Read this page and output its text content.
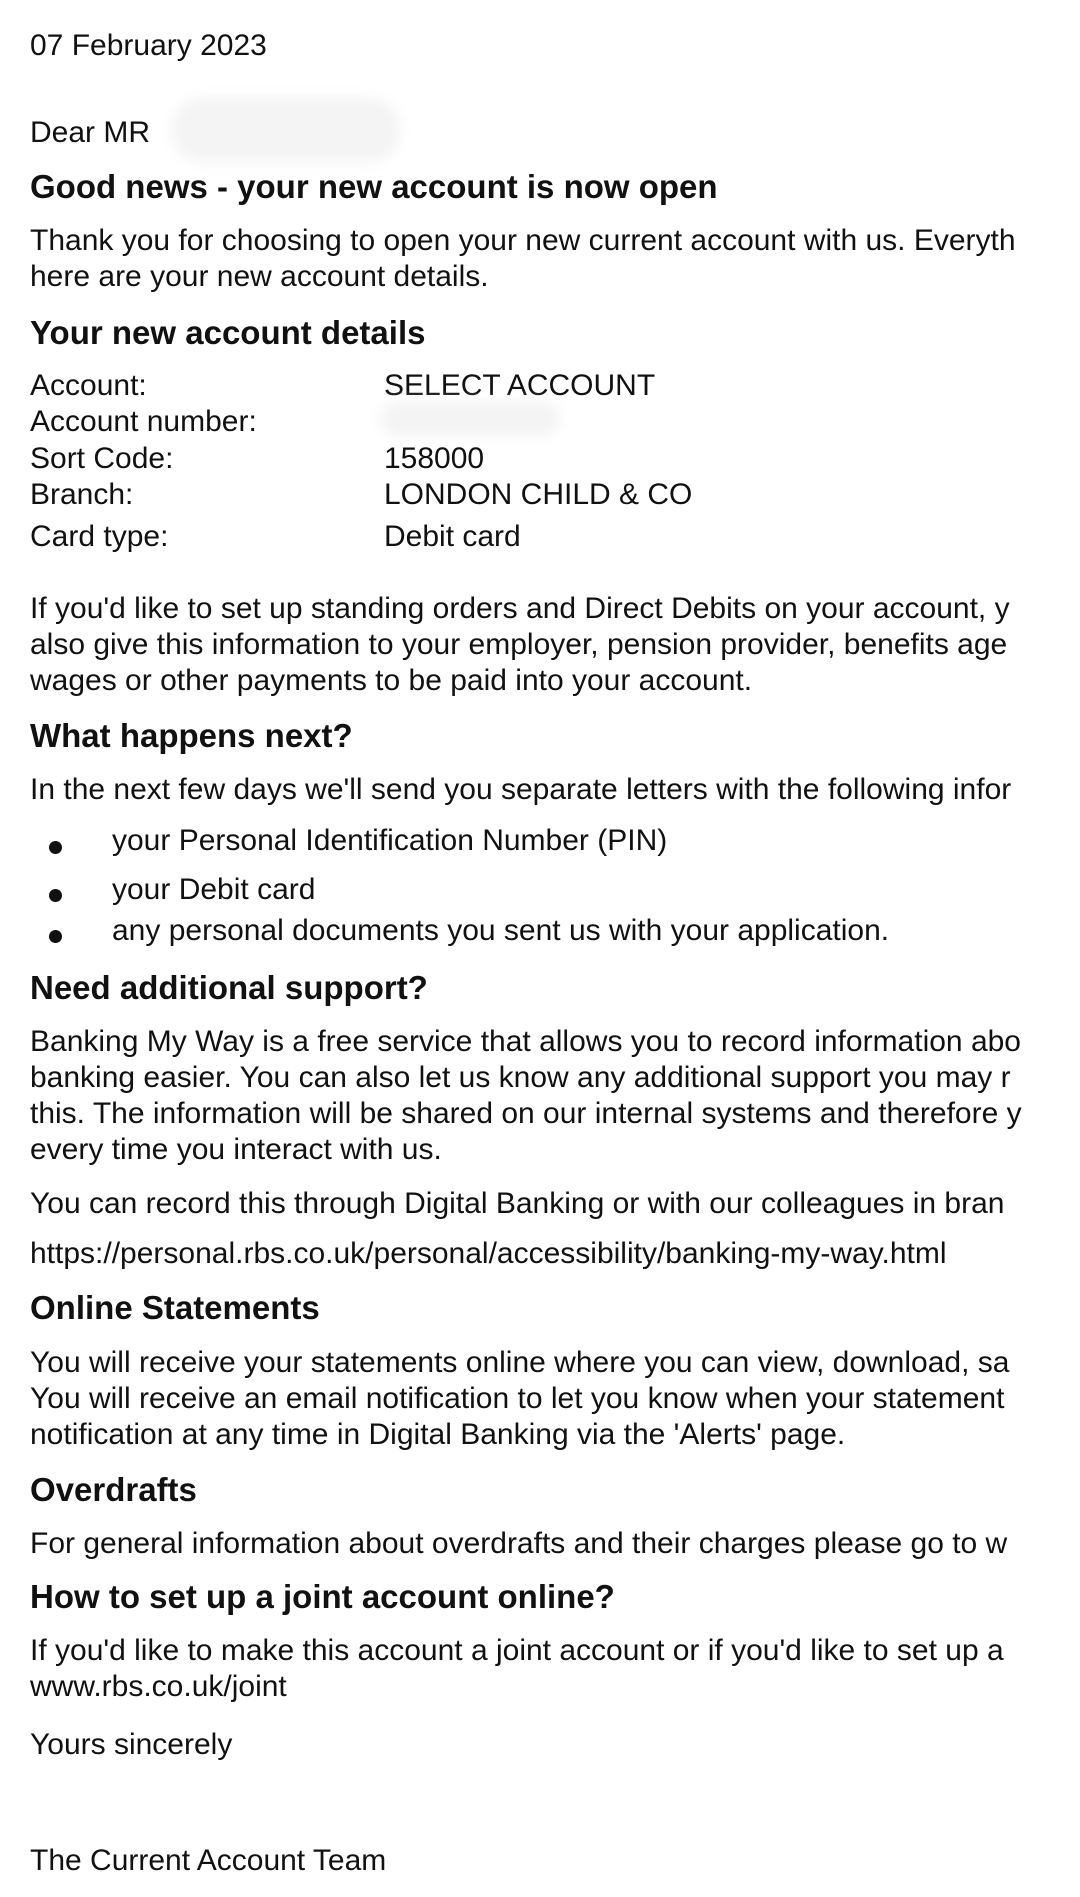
07 February 2023
Dear MR
Good news - your new account is now open
Thank you for choosing to open your new current account with us. Everyth
here are your new account details.
Your new account details
Account:	SELECT ACCOUNT
Account number:
Sort Code:	158000
Branch:	LONDON CHILD & CO
Card type:	Debit card
If you'd like to set up standing orders and Direct Debits on your account, y
also give this information to your employer, pension provider, benefits age
wages or other payments to be paid into your account.
What happens next?
In the next few days we'll send you separate letters with the following infor
your Personal Identification Number (PIN)
your Debit card
any personal documents you sent us with your application.
Need additional support?
Banking My Way is a free service that allows you to record information abo
banking easier. You can also let us know any additional support you may r
this. The information will be shared on our internal systems and therefore y
every time you interact with us.
You can record this through Digital Banking or with our colleagues in bran
https://personal.rbs.co.uk/personal/accessibility/banking-my-way.html
Online Statements
You will receive your statements online where you can view, download, sa
You will receive an email notification to let you know when your statement
notification at any time in Digital Banking via the 'Alerts' page.
Overdrafts
For general information about overdrafts and their charges please go to w
How to set up a joint account online?
If you'd like to make this account a joint account or if you'd like to set up a
www.rbs.co.uk/joint
Yours sincerely
The Current Account Team
